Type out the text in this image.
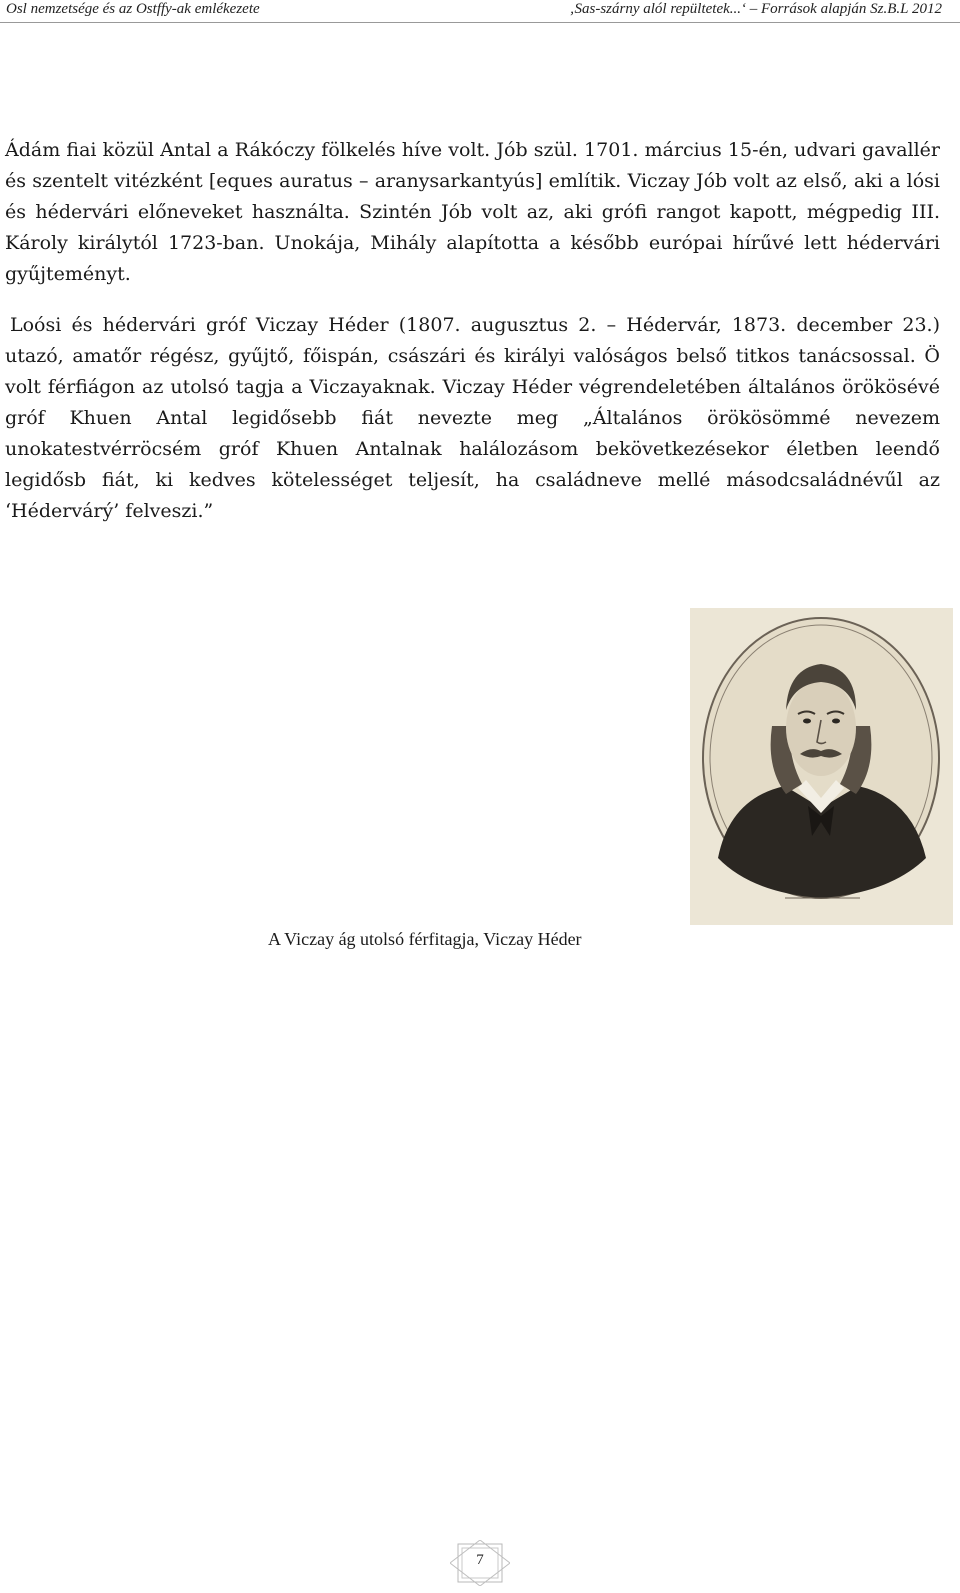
Osl nemzetsége és az Ostffy-ak emlékezete	‚Sas-szárny alól repültetek...‘ – Források alapján Sz.B.L 2012

Ádám fiai közül Antal a Rákóczy fölkelés híve volt. Jób szül. 1701. március 15-én, udvari gavallér és szentelt vitézként [eques auratus – aranysarkantyús] említik. Viczay Jób volt az első, aki a lósi és hédervári előneveket használta. Szintén Jób volt az, aki grófi rangot kapott, mégpedig III. Károly királytól 1723-ban. Unokája, Mihály alapította a később európai hírűvé lett hédervári gyűjteményt.

Loósi és hédervári gróf Viczay Héder (1807. augusztus 2. – Hédervár, 1873. december 23.) utazó, amatőr régész, gyűjtő, főispán, császári és királyi valóságos belső titkos tanácsossal. Ö volt férfiágon az utolsó tagja a Viczayaknak. Viczay Héder végrendeletében általános örökösévé gróf Khuen Antal legidősebb fiát nevezte meg „Általános örökösömmé nevezem unokatestvérröcsém gróf Khuen Antalnak halálozásom bekövetkezésekor életben leendő legidősb fiát, ki kedves kötelességet teljesít, ha családneve mellé másodcsaládnévűl az ‘Hédervárý’ felveszi.”

A Viczay ág utolsó férfitagja, Viczay Héder
7
